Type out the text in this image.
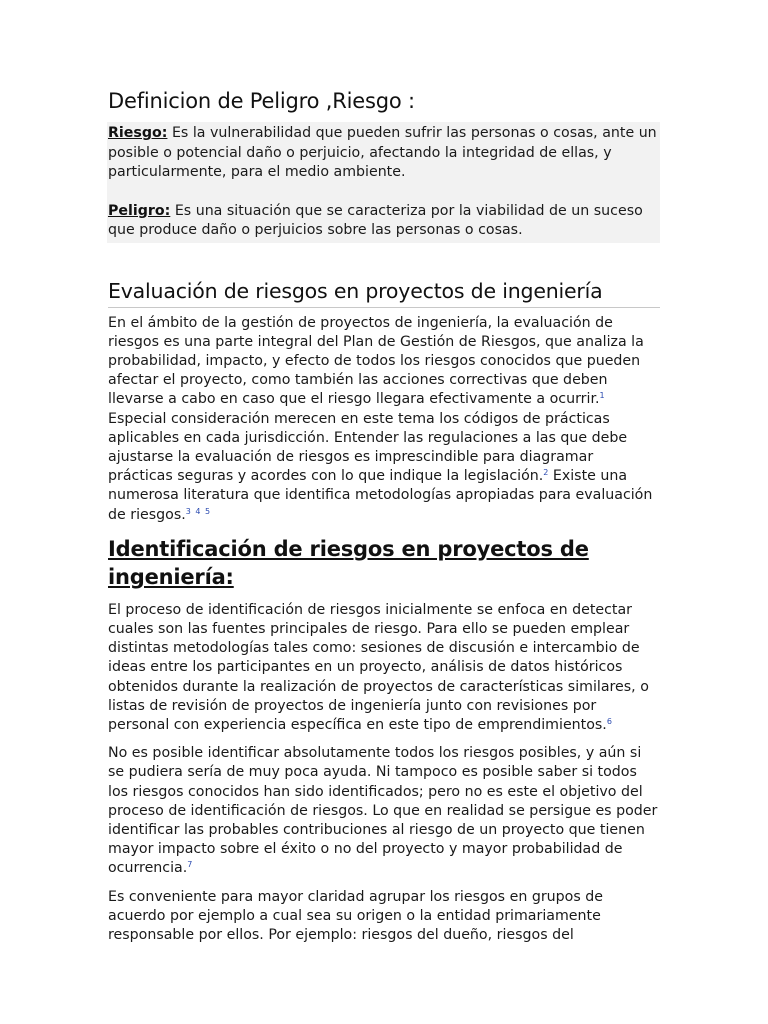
Definicion de Peligro ,Riesgo :

Riesgo: Es la vulnerabilidad que pueden sufrir las personas o cosas, ante un posible o potencial daño o perjuicio, afectando la integridad de ellas, y particularmente, para el medio ambiente.

Peligro: Es una situación que se caracteriza por la viabilidad de un suceso que produce daño o perjuicios sobre las personas o cosas.

Evaluación de riesgos en proyectos de ingeniería

En el ámbito de la gestión de proyectos de ingeniería, la evaluación de riesgos es una parte integral del Plan de Gestión de Riesgos, que analiza la probabilidad, impacto, y efecto de todos los riesgos conocidos que pueden afectar el proyecto, como también las acciones correctivas que deben llevarse a cabo en caso que el riesgo llegara efectivamente a ocurrir.$^1$ Especial consideración merecen en este tema los códigos de prácticas aplicables en cada jurisdicción. Entender las regulaciones a las que debe ajustarse la evaluación de riesgos es imprescindible para diagramar prácticas seguras y acordes con lo que indique la legislación.$^2$ Existe una numerosa literatura que identifica metodologías apropiadas para evaluación de riesgos.$^3$ $^4$ $^5$

Identificación de riesgos en proyectos de ingeniería:

El proceso de identificación de riesgos inicialmente se enfoca en detectar cuales son las fuentes principales de riesgo. Para ello se pueden emplear distintas metodologías tales como: sesiones de discusión e intercambio de ideas entre los participantes en un proyecto, análisis de datos históricos obtenidos durante la realización de proyectos de características similares, o listas de revisión de proyectos de ingeniería junto con revisiones por personal con experiencia específica en este tipo de emprendimientos.$^6$

No es posible identificar absolutamente todos los riesgos posibles, y aún si se pudiera sería de muy poca ayuda. Ni tampoco es posible saber si todos los riesgos conocidos han sido identificados; pero no es este el objetivo del proceso de identificación de riesgos. Lo que en realidad se persigue es poder identificar las probables contribuciones al riesgo de un proyecto que tienen mayor impacto sobre el éxito o no del proyecto y mayor probabilidad de ocurrencia.$^7$

Es conveniente para mayor claridad agrupar los riesgos en grupos de acuerdo por ejemplo a cual sea su origen o la entidad primariamente responsable por ellos. Por ejemplo: riesgos del dueño, riesgos del
